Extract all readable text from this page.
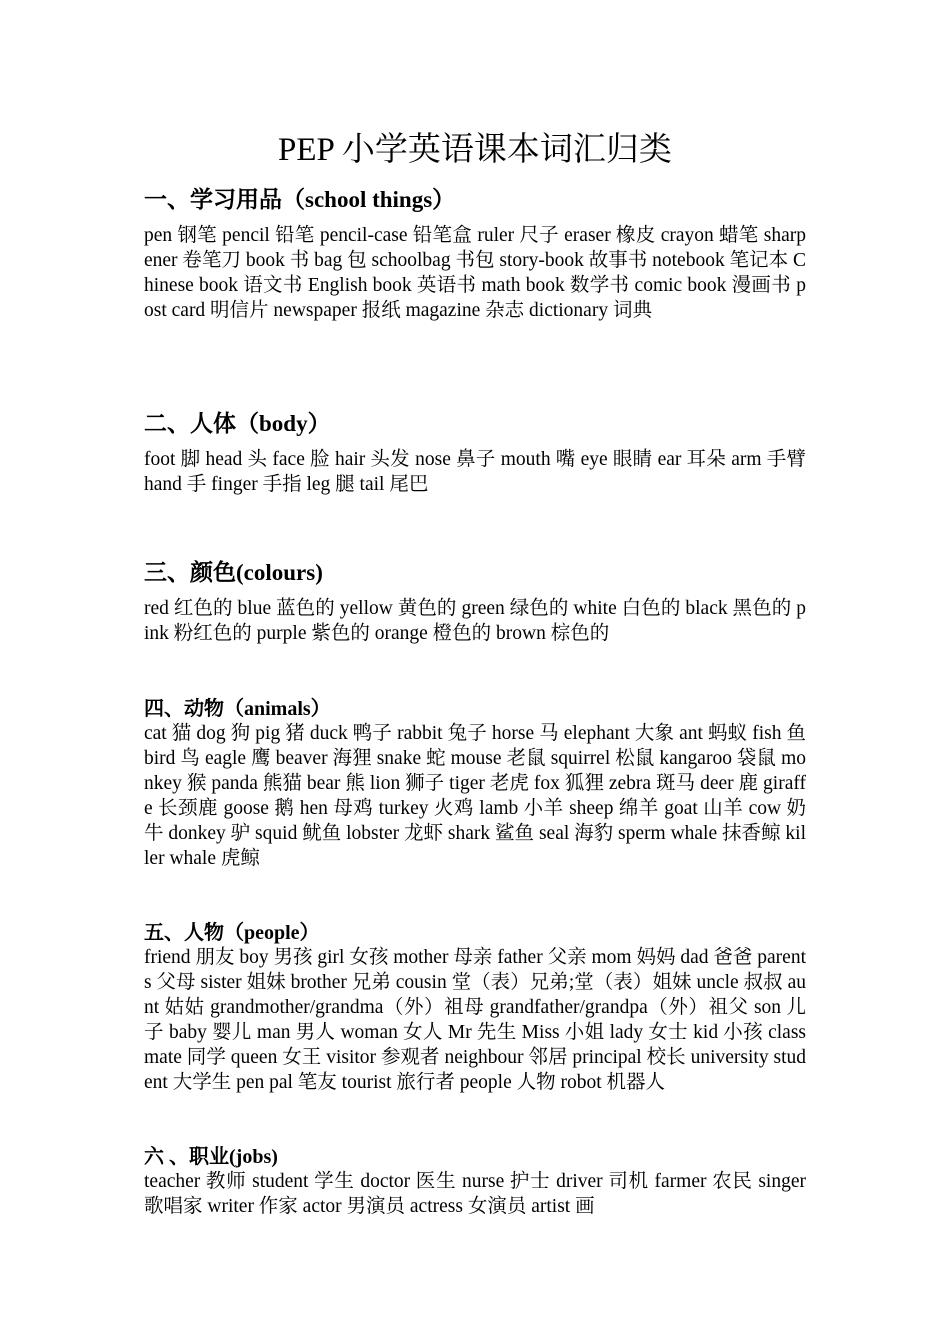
PEP 小学英语课本词汇归类
一、学习用品（school things）
pen 钢笔 pencil 铅笔 pencil-case 铅笔盒 ruler 尺子 eraser 橡皮 crayon 蜡笔 sharpener 卷笔刀 book 书 bag 包 schoolbag 书包 story-book 故事书 notebook 笔记本 Chinese book 语文书 English book 英语书 math book 数学书 comic book 漫画书 post card 明信片 newspaper 报纸 magazine 杂志 dictionary 词典
二、人体（body）
foot 脚 head 头 face 脸 hair 头发 nose 鼻子 mouth 嘴 eye 眼睛 ear 耳朵 arm 手臂 hand 手 finger 手指 leg 腿 tail 尾巴
三、颜色(colours)
red 红色的 blue 蓝色的 yellow 黄色的 green 绿色的 white 白色的 black 黑色的 pink 粉红色的 purple 紫色的 orange 橙色的 brown 棕色的
四、动物（animals）
cat 猫 dog 狗 pig 猪 duck 鸭子 rabbit 兔子 horse 马 elephant 大象 ant 蚂蚁 fish 鱼 bird 鸟 eagle 鹰 beaver 海狸 snake 蛇 mouse 老鼠 squirrel 松鼠 kangaroo 袋鼠 monkey 猴 panda 熊猫 bear 熊 lion 狮子 tiger 老虎 fox 狐狸 zebra 斑马 deer 鹿 giraffe 长颈鹿 goose 鹅 hen 母鸡 turkey 火鸡 lamb 小羊 sheep 绵羊 goat 山羊 cow 奶牛 donkey 驴 squid 鱿鱼 lobster 龙虾 shark 鲨鱼 seal 海豹 sperm whale 抹香鲸 killer whale 虎鲸
五、人物（people）
friend 朋友 boy 男孩 girl 女孩 mother 母亲 father 父亲 mom 妈妈 dad 爸爸 parents 父母 sister 姐妹 brother 兄弟 cousin 堂（表）兄弟;堂（表）姐妹 uncle 叔叔 aunt 姑姑 grandmother/grandma（外）祖母 grandfather/grandpa（外）祖父 son 儿子 baby 婴儿 man 男人 woman 女人 Mr 先生 Miss 小姐 lady 女士 kid 小孩 classmate 同学 queen 女王 visitor 参观者 neighbour 邻居 principal 校长 university student 大学生 pen pal 笔友 tourist 旅行者 people 人物 robot 机器人
六 、职业(jobs)
teacher 教师 student 学生 doctor 医生 nurse 护士 driver 司机 farmer 农民 singer 歌唱家 writer 作家 actor 男演员 actress 女演员 artist 画
